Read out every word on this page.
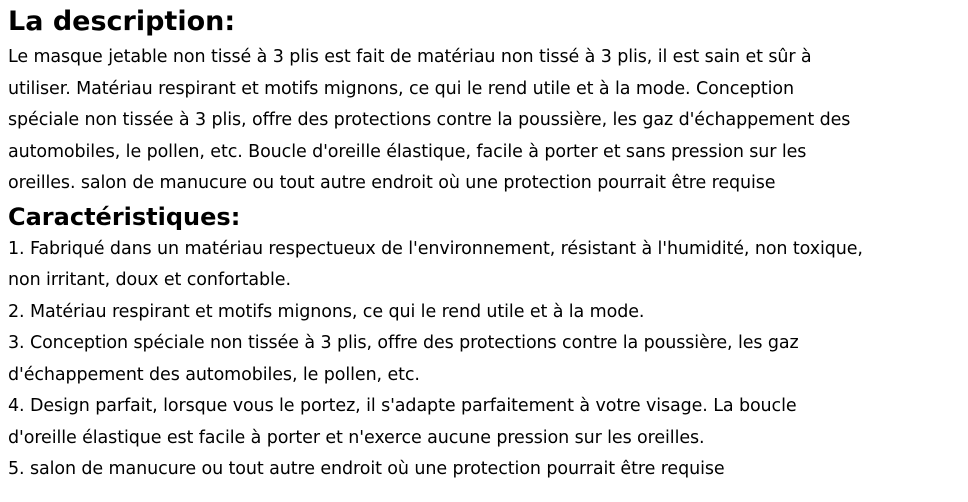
La description:

Le masque jetable non tissé à 3 plis est fait de matériau non tissé à 3 plis, il est sain et sûr à

utiliser. Matériau respirant et motifs mignons, ce qui le rend utile et à la mode. Conception

spéciale non tissée à 3 plis, offre des protections contre la poussière, les gaz d'échappement des

automobiles, le pollen, etc. Boucle d'oreille élastique, facile à porter et sans pression sur les

oreilles. salon de manucure ou tout autre endroit où une protection pourrait être requise

Caractéristiques:
1. Fabriqué dans un matériau respectueux de l'environnement, résistant à l'humidité, non toxique,
non irritant, doux et confortable.
2. Matériau respirant et motifs mignons, ce qui le rend utile et à la mode.
3. Conception spéciale non tissée à 3 plis, offre des protections contre la poussière, les gaz
d'échappement des automobiles, le pollen, etc.
4. Design parfait, lorsque vous le portez, il s'adapte parfaitement à votre visage. La boucle
d'oreille élastique est facile à porter et n'exerce aucune pression sur les oreilles.
5. salon de manucure ou tout autre endroit où une protection pourrait être requise
